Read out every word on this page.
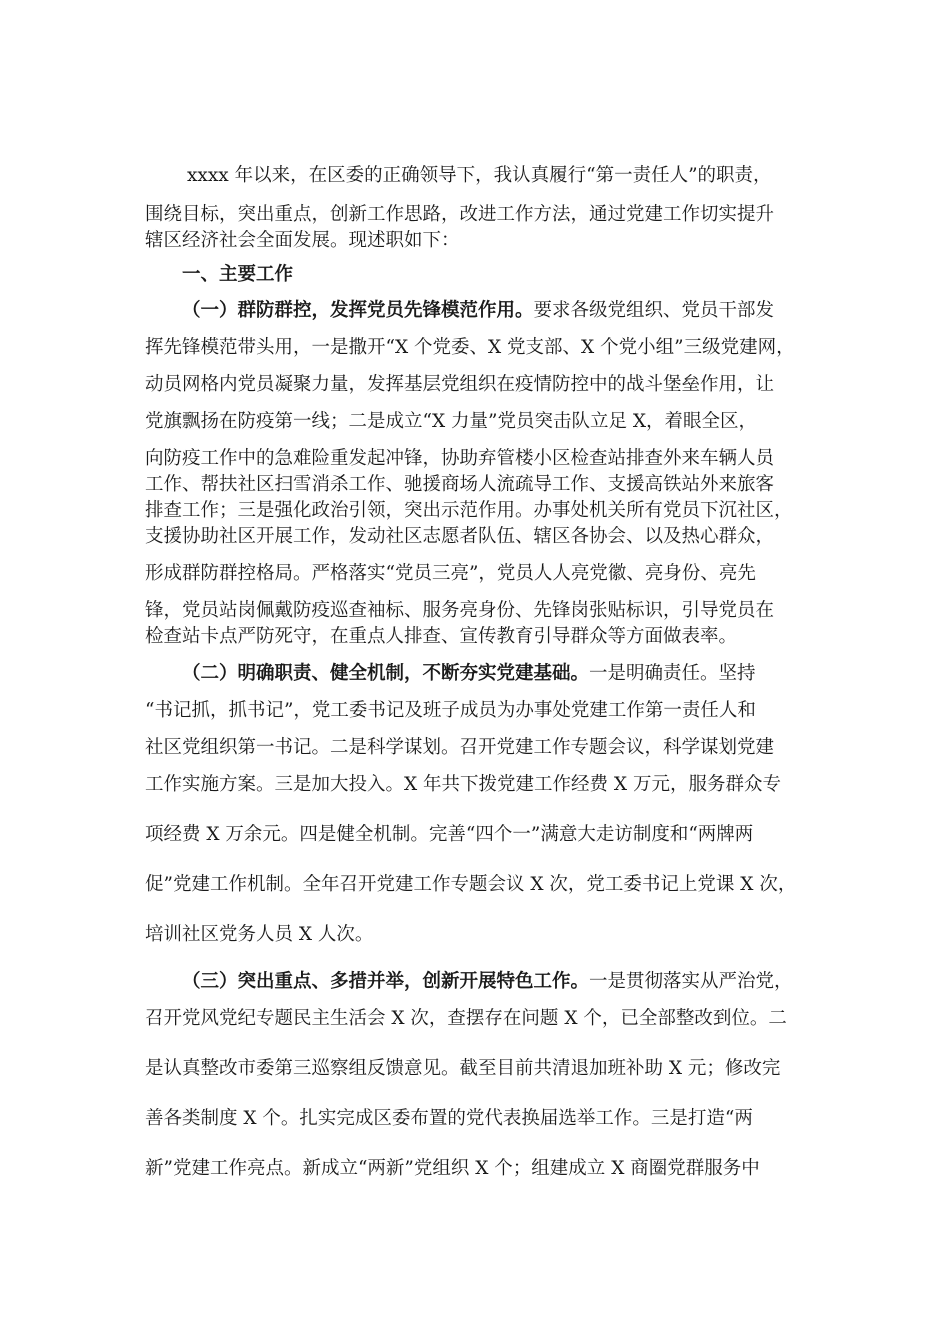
xxxx 年以来，在区委的正确领导下，我认真履行“第一责任人”的职责，
围绕目标，突出重点，创新工作思路，改进工作方法，通过党建工作切实提升
辖区经济社会全面发展。现述职如下：
一、主要工作
（一）群防群控，发挥党员先锋模范作用。要求各级党组织、党员干部发
挥先锋模范带头用，一是撒开“X 个党委、X 党支部、X 个党小组”三级党建网，
动员网格内党员凝聚力量，发挥基层党组织在疫情防控中的战斗堡垒作用，让
党旗飘扬在防疫第一线；二是成立“X 力量”党员突击队立足 X，着眼全区，
向防疫工作中的急难险重发起冲锋，协助弃管楼小区检查站排查外来车辆人员
工作、帮扶社区扫雪消杀工作、驰援商场人流疏导工作、支援高铁站外来旅客
排查工作；三是强化政治引领，突出示范作用。办事处机关所有党员下沉社区，
支援协助社区开展工作，发动社区志愿者队伍、辖区各协会、以及热心群众，
形成群防群控格局。严格落实“党员三亮”，党员人人亮党徽、亮身份、亮先
锋，党员站岗佩戴防疫巡查袖标、服务亮身份、先锋岗张贴标识，引导党员在
检查站卡点严防死守，在重点人排查、宣传教育引导群众等方面做表率。
（二）明确职责、健全机制，不断夯实党建基础。一是明确责任。坚持
“书记抓，抓书记”，党工委书记及班子成员为办事处党建工作第一责任人和
社区党组织第一书记。二是科学谋划。召开党建工作专题会议，科学谋划党建
工作实施方案。三是加大投入。X 年共下拨党建工作经费 X 万元，服务群众专
项经费 X 万余元。四是健全机制。完善“四个一”满意大走访制度和“两牌两
促”党建工作机制。全年召开党建工作专题会议 X 次，党工委书记上党课 X 次，
培训社区党务人员 X 人次。
（三）突出重点、多措并举，创新开展特色工作。一是贯彻落实从严治党，
召开党风党纪专题民主生活会 X 次，查摆存在问题 X 个，已全部整改到位。二
是认真整改市委第三巡察组反馈意见。截至目前共清退加班补助 X 元；修改完
善各类制度 X 个。扎实完成区委布置的党代表换届选举工作。三是打造“两
新”党建工作亮点。新成立“两新”党组织 X 个；组建成立 X 商圈党群服务中
